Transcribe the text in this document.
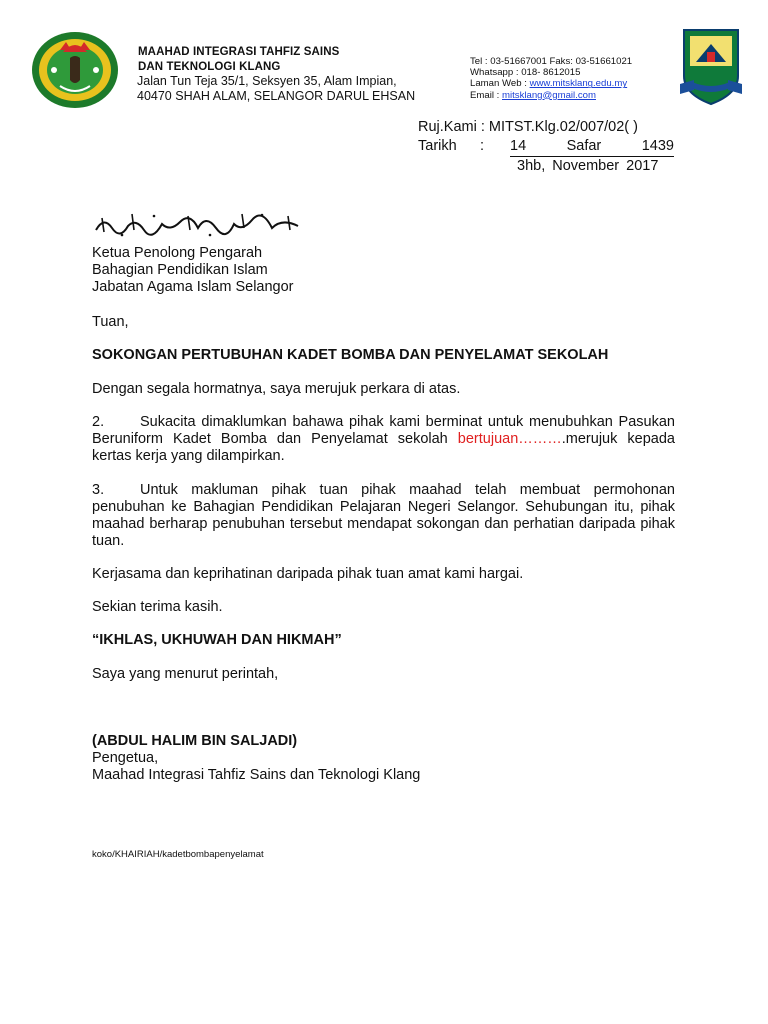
MAAHAD INTEGRASI TAHFIZ SAINS
DAN TEKNOLOGI KLANG
Jalan Tun Teja 35/1, Seksyen 35, Alam Impian,
40470 SHAH ALAM, SELANGOR DARUL EHSAN
Tel : 03-51667001 Faks: 03-51661021
Whatsapp : 018- 8612015
Laman Web : www.mitsklang.edu.my
Email : mitsklang@gmail.com
Ruj.Kami : MITST.Klg.02/007/02( )
Tarikh	:	14	Safar	1439
3hb, November 2017
Ketua Penolong Pengarah
Bahagian Pendidikan Islam
Jabatan Agama Islam Selangor
Tuan,
SOKONGAN PERTUBUHAN KADET BOMBA DAN PENYELAMAT SEKOLAH
Dengan segala hormatnya, saya merujuk perkara di atas.
2. Sukacita dimaklumkan bahawa pihak kami berminat untuk menubuhkan Pasukan Beruniform Kadet Bomba dan Penyelamat sekolah bertujuan……….merujuk kepada kertas kerja yang dilampirkan.
3. Untuk makluman pihak tuan pihak maahad telah membuat permohonan penubuhan ke Bahagian Pendidikan Pelajaran Negeri Selangor. Sehubungan itu, pihak maahad berharap penubuhan tersebut mendapat sokongan dan perhatian daripada pihak tuan.
Kerjasama dan keprihatinan daripada pihak tuan amat kami hargai.
Sekian terima kasih.
“IKHLAS, UKHUWAH DAN HIKMAH”
Saya yang menurut perintah,
(ABDUL HALIM BIN SALJADI)
Pengetua,
Maahad Integrasi Tahfiz Sains dan Teknologi Klang
koko/KHAIRIAH/kadetbombapenyelamat
